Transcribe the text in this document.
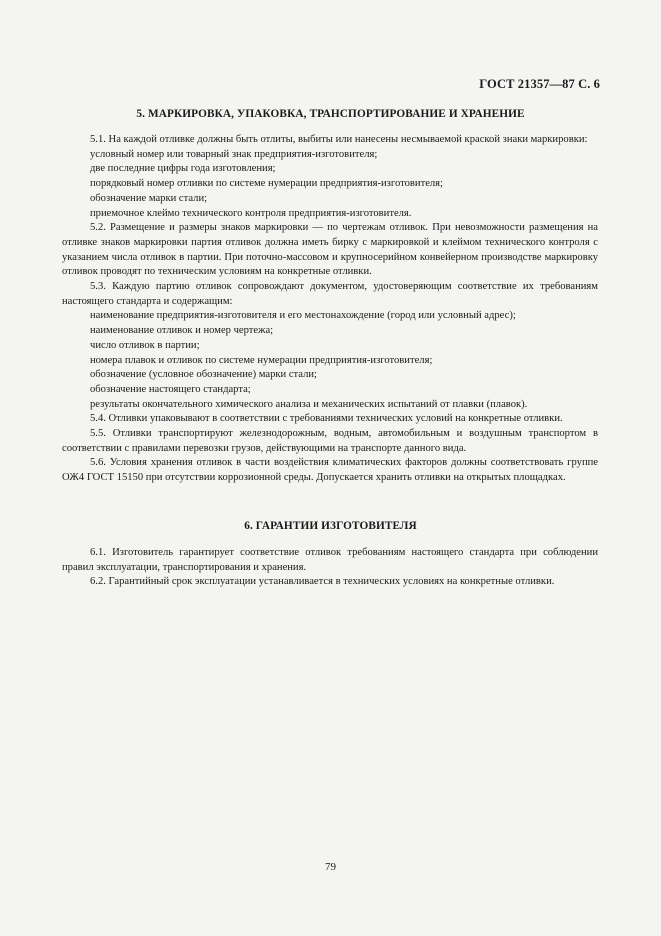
ГОСТ 21357—87 С. 6
5. МАРКИРОВКА, УПАКОВКА, ТРАНСПОРТИРОВАНИЕ И ХРАНЕНИЕ

5.1. На каждой отливке должны быть отлиты, выбиты или нанесены несмываемой краской знаки маркировки:

условный номер или товарный знак предприятия-изготовителя;

две последние цифры года изготовления;

порядковый номер отливки по системе нумерации предприятия-изготовителя;

обозначение марки стали;

приемочное клеймо технического контроля предприятия-изготовителя.

5.2. Размещение и размеры знаков маркировки — по чертежам отливок. При невозможности размещения на отливке знаков маркировки партия отливок должна иметь бирку с маркировкой и клеймом технического контроля с указанием числа отливок в партии. При поточно-массовом и крупносерийном конвейерном производстве маркировку отливок проводят по техническим условиям на конкретные отливки.

5.3. Каждую партию отливок сопровождают документом, удостоверяющим соответствие их требованиям настоящего стандарта и содержащим:

наименование предприятия-изготовителя и его местонахождение (город или условный адрес);

наименование отливок и номер чертежа;

число отливок в партии;

номера плавок и отливок по системе нумерации предприятия-изготовителя;

обозначение (условное обозначение) марки стали;

обозначение настоящего стандарта;

результаты окончательного химического анализа и механических испытаний от плавки (плавок).

5.4. Отливки упаковывают в соответствии с требованиями технических условий на конкретные отливки.

5.5. Отливки транспортируют железнодорожным, водным, автомобильным и воздушным транспортом в соответствии с правилами перевозки грузов, действующими на транспорте данного вида.

5.6. Условия хранения отливок в части воздействия климатических факторов должны соответствовать группе ОЖ4 ГОСТ 15150 при отсутствии коррозионной среды. Допускается хранить отливки на открытых площадках.

6. ГАРАНТИИ ИЗГОТОВИТЕЛЯ

6.1. Изготовитель гарантирует соответствие отливок требованиям настоящего стандарта при соблюдении правил эксплуатации, транспортирования и хранения.

6.2. Гарантийный срок эксплуатации устанавливается в технических условиях на конкретные отливки.

79
